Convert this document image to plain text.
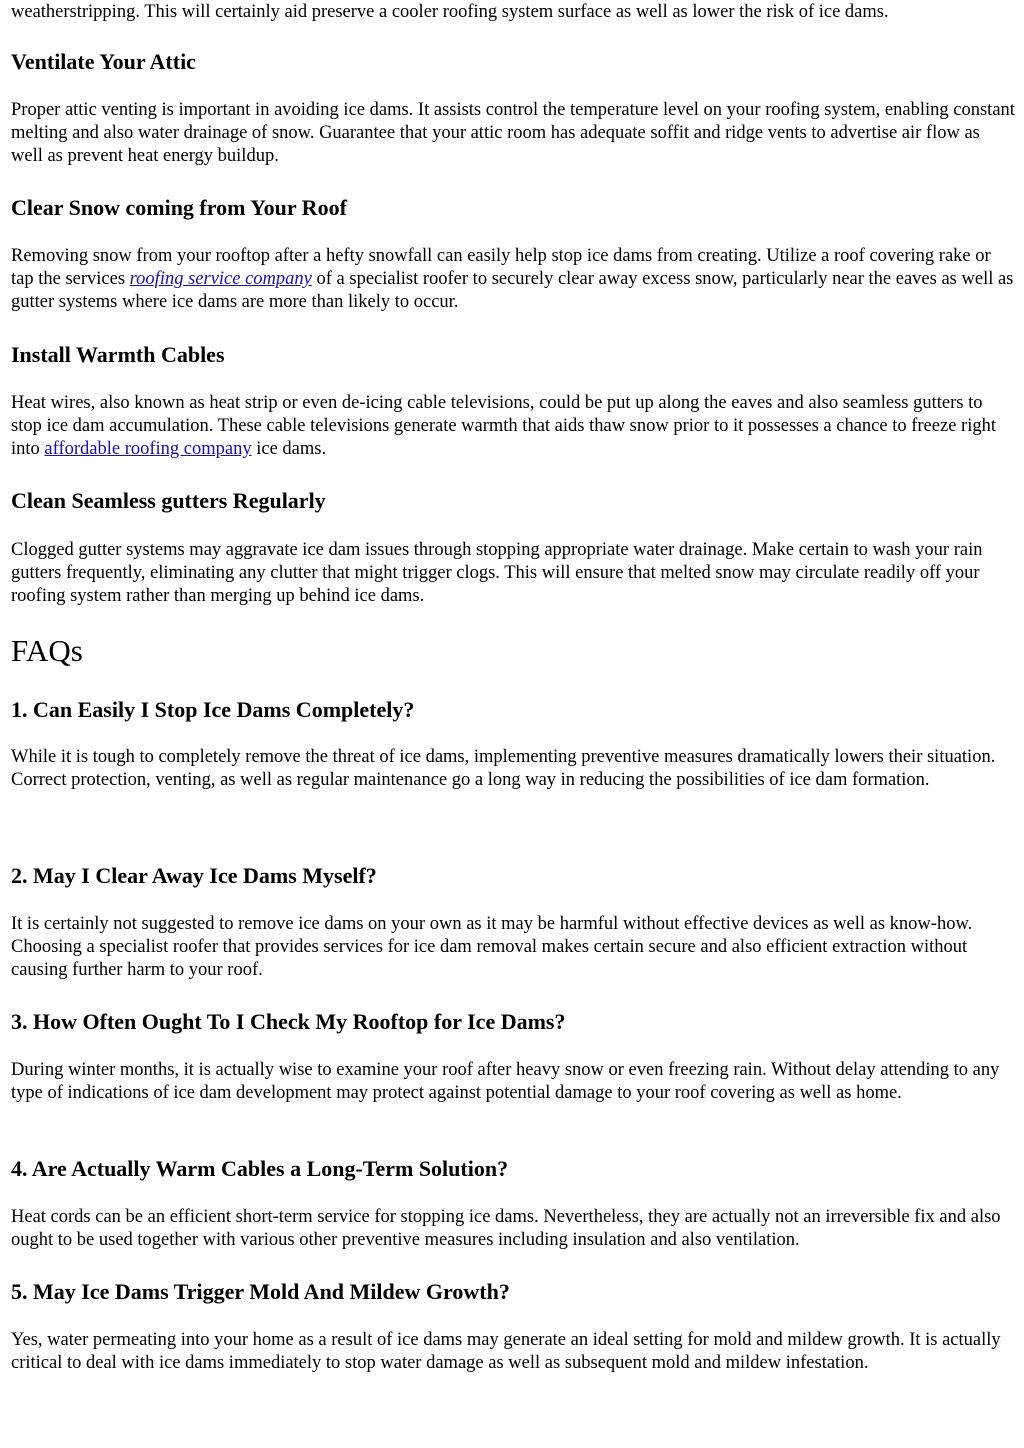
weatherstripping. This will certainly aid preserve a cooler roofing system surface as well as lower the risk of ice dams.

Ventilate Your Attic

Proper attic venting is important in avoiding ice dams. It assists control the temperature level on your roofing system, enabling constant melting and also water drainage of snow. Guarantee that your attic room has adequate soffit and ridge vents to advertise air flow as well as prevent heat energy buildup.

Clear Snow coming from Your Roof

Removing snow from your rooftop after a hefty snowfall can easily help stop ice dams from creating. Utilize a roof covering rake or tap the services roofing service company of a specialist roofer to securely clear away excess snow, particularly near the eaves as well as gutter systems where ice dams are more than likely to occur.

Install Warmth Cables

Heat wires, also known as heat strip or even de-icing cable televisions, could be put up along the eaves and also seamless gutters to stop ice dam accumulation. These cable televisions generate warmth that aids thaw snow prior to it possesses a chance to freeze right into affordable roofing company ice dams.

Clean Seamless gutters Regularly

Clogged gutter systems may aggravate ice dam issues through stopping appropriate water drainage. Make certain to wash your rain gutters frequently, eliminating any clutter that might trigger clogs. This will ensure that melted snow may circulate readily off your roofing system rather than merging up behind ice dams.

FAQs
1. Can Easily I Stop Ice Dams Completely?

While it is tough to completely remove the threat of ice dams, implementing preventive measures dramatically lowers their situation. Correct protection, venting, as well as regular maintenance go a long way in reducing the possibilities of ice dam formation.

2. May I Clear Away Ice Dams Myself?

It is certainly not suggested to remove ice dams on your own as it may be harmful without effective devices as well as know-how. Choosing a specialist roofer that provides services for ice dam removal makes certain secure and also efficient extraction without causing further harm to your roof.

3. How Often Ought To I Check My Rooftop for Ice Dams?

During winter months, it is actually wise to examine your roof after heavy snow or even freezing rain. Without delay attending to any type of indications of ice dam development may protect against potential damage to your roof covering as well as home.

4. Are Actually Warm Cables a Long-Term Solution?

Heat cords can be an efficient short-term service for stopping ice dams. Nevertheless, they are actually not an irreversible fix and also ought to be used together with various other preventive measures including insulation and also ventilation.

5. May Ice Dams Trigger Mold And Mildew Growth?

Yes, water permeating into your home as a result of ice dams may generate an ideal setting for mold and mildew growth. It is actually critical to deal with ice dams immediately to stop water damage as well as subsequent mold and mildew infestation.
